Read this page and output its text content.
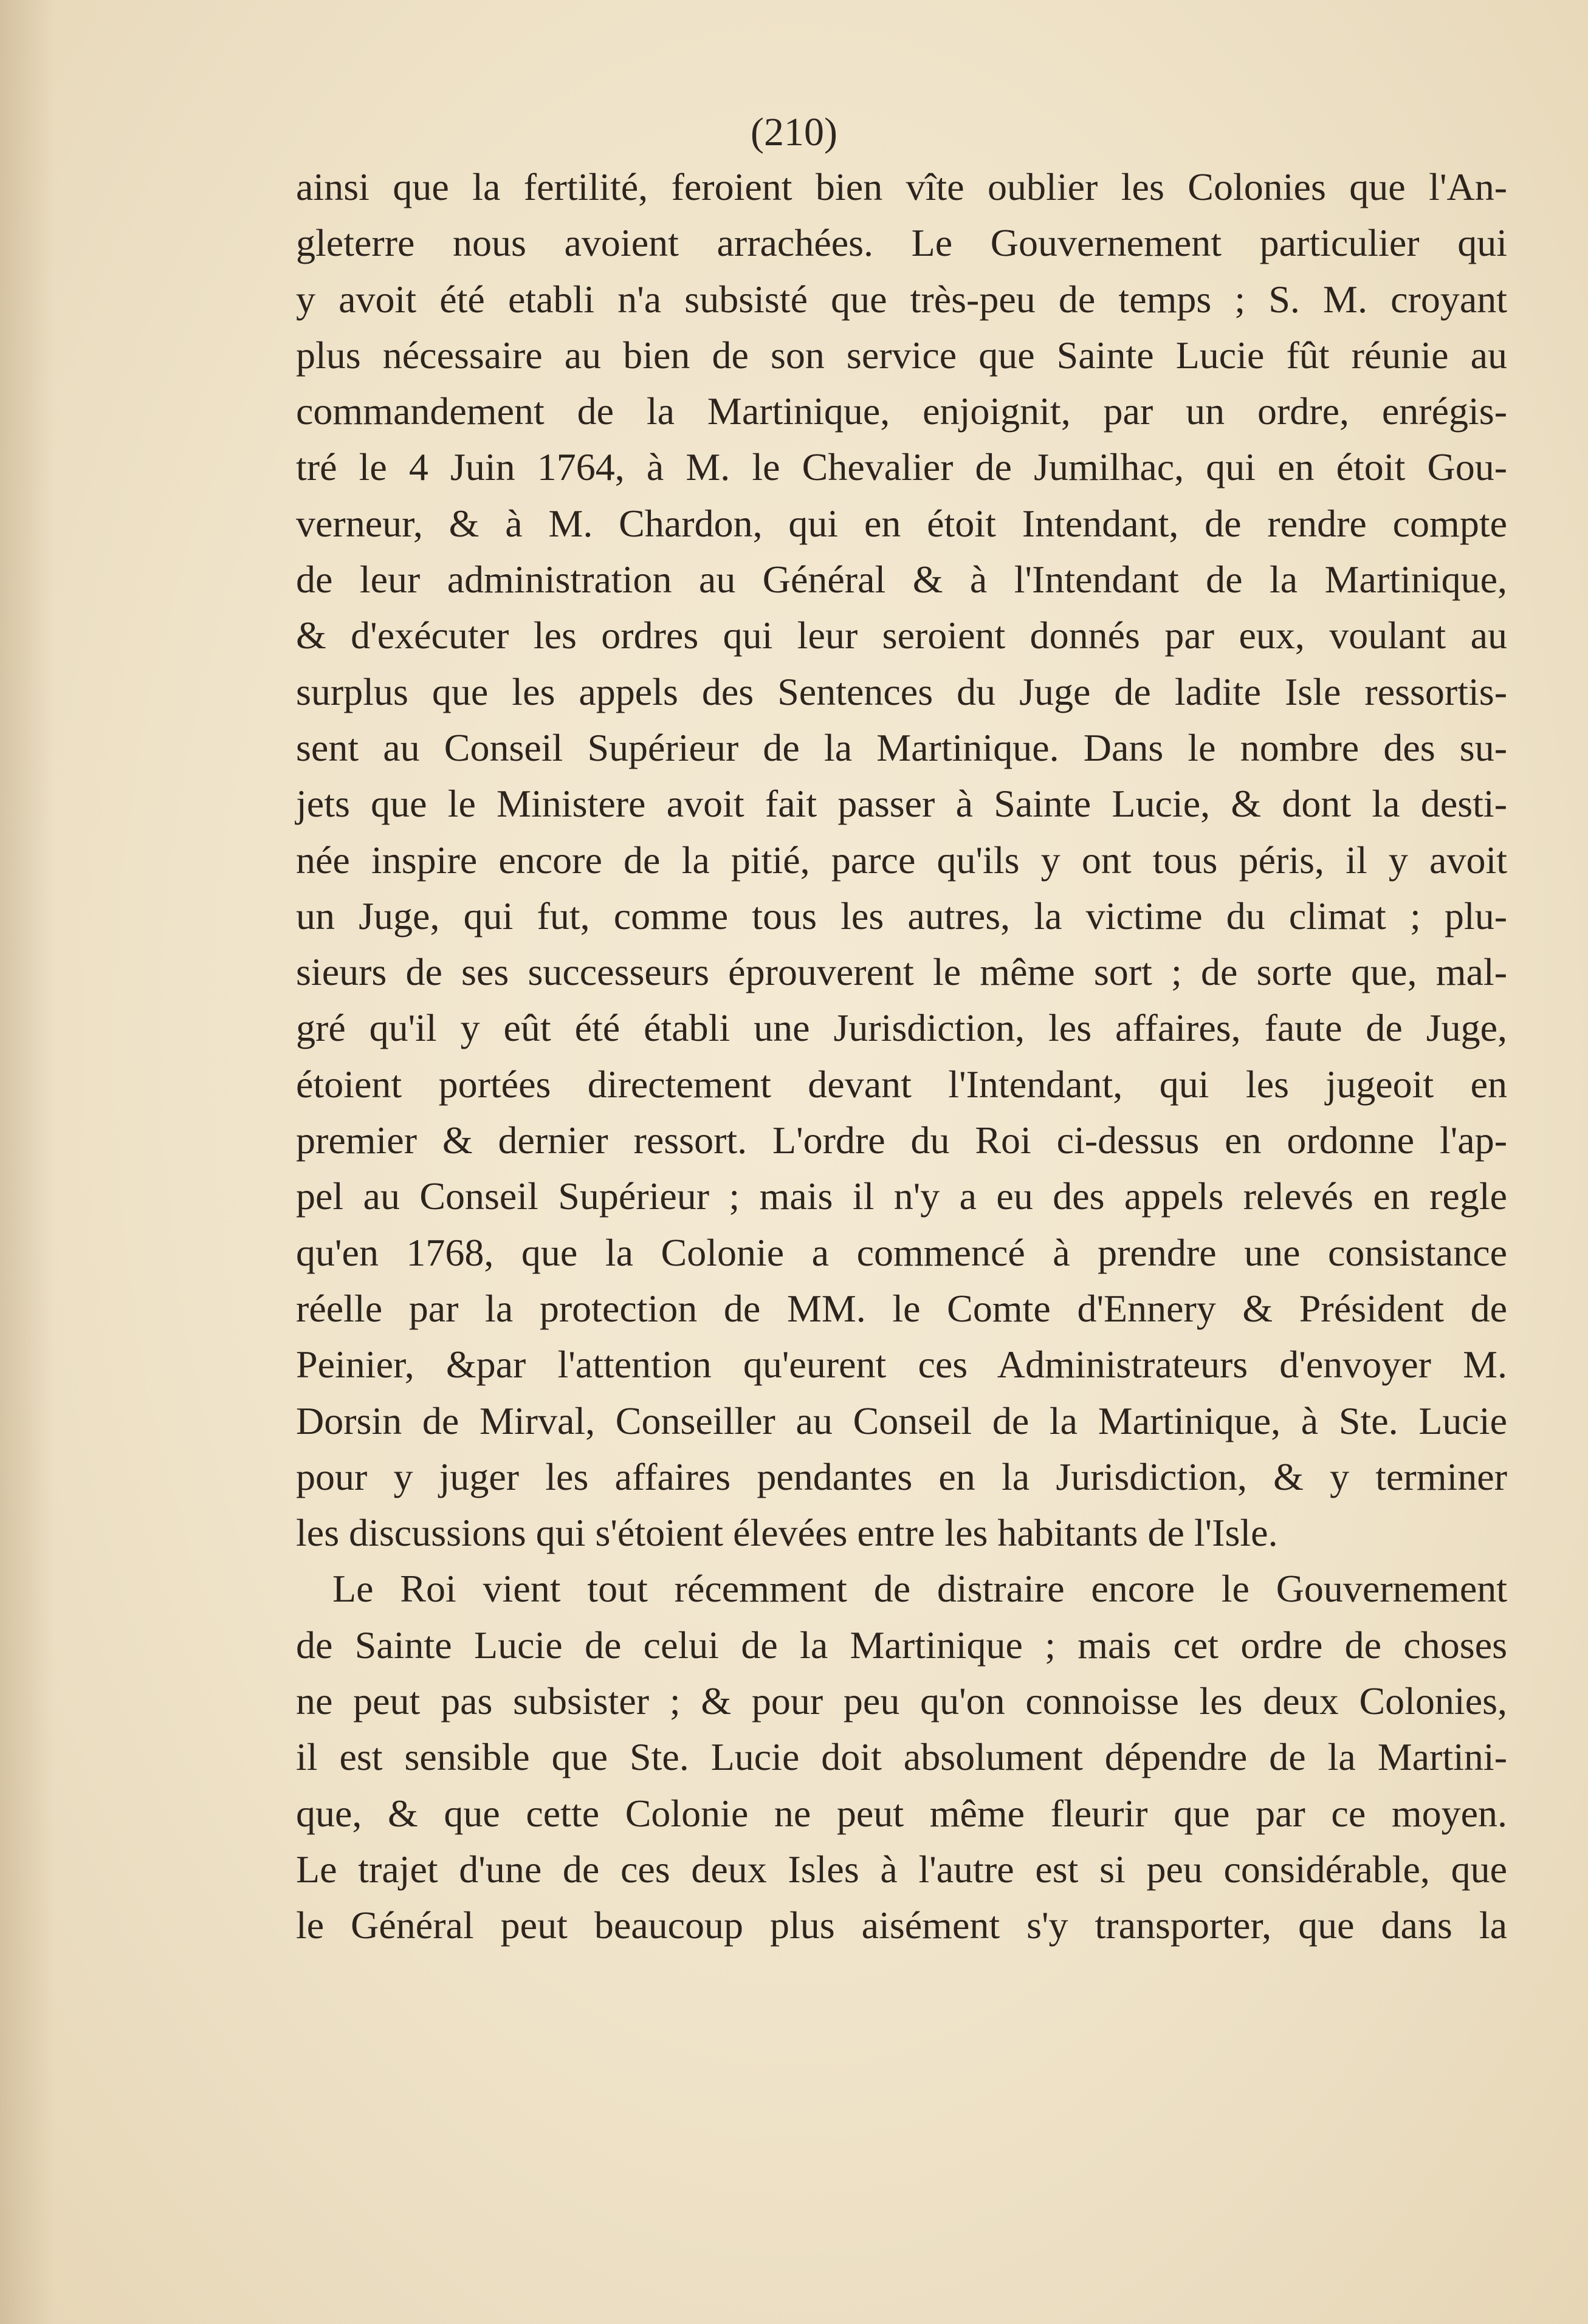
(210)
ainsi que la fertilité, feroient bien vîte oublier les Colonies que l'An-
gleterre nous avoient arrachées. Le Gouvernement particulier qui
y avoit été etabli n'a subsisté que très-peu de temps ; S. M. croyant
plus nécessaire au bien de son service que Sainte Lucie fût réunie au
commandement de la Martinique, enjoignit, par un ordre, enrégis-
tré le 4 Juin 1764, à M. le Chevalier de Jumilhac, qui en étoit Gou-
verneur, & à M. Chardon, qui en étoit Intendant, de rendre compte
de leur administration au Général & à l'Intendant de la Martinique,
& d'exécuter les ordres qui leur seroient donnés par eux, voulant au
surplus que les appels des Sentences du Juge de ladite Isle ressortis-
sent au Conseil Supérieur de la Martinique. Dans le nombre des su-
jets que le Ministere avoit fait passer à Sainte Lucie, & dont la desti-
née inspire encore de la pitié, parce qu'ils y ont tous péris, il y avoit
un Juge, qui fut, comme tous les autres, la victime du climat ; plu-
sieurs de ses successeurs éprouverent le même sort ; de sorte que, mal-
gré qu'il y eût été établi une Jurisdiction, les affaires, faute de Juge,
étoient portées directement devant l'Intendant, qui les jugeoit en
premier & dernier ressort. L'ordre du Roi ci-dessus en ordonne l'ap-
pel au Conseil Supérieur ; mais il n'y a eu des appels relevés en regle
qu'en 1768, que la Colonie a commencé à prendre une consistance
réelle par la protection de MM. le Comte d'Ennery & Président de
Peinier, &par l'attention qu'eurent ces Administrateurs d'envoyer M.
Dorsin de Mirval, Conseiller au Conseil de la Martinique, à Ste. Lucie
pour y juger les affaires pendantes en la Jurisdiction, & y terminer
les discussions qui s'étoient élevées entre les habitants de l'Isle.
Le Roi vient tout récemment de distraire encore le Gouvernement
de Sainte Lucie de celui de la Martinique ; mais cet ordre de choses
ne peut pas subsister ; & pour peu qu'on connoisse les deux Colonies,
il est sensible que Ste. Lucie doit absolument dépendre de la Martini-
que, & que cette Colonie ne peut même fleurir que par ce moyen.
Le trajet d'une de ces deux Isles à l'autre est si peu considérable, que
le Général peut beaucoup plus aisément s'y transporter, que dans la
